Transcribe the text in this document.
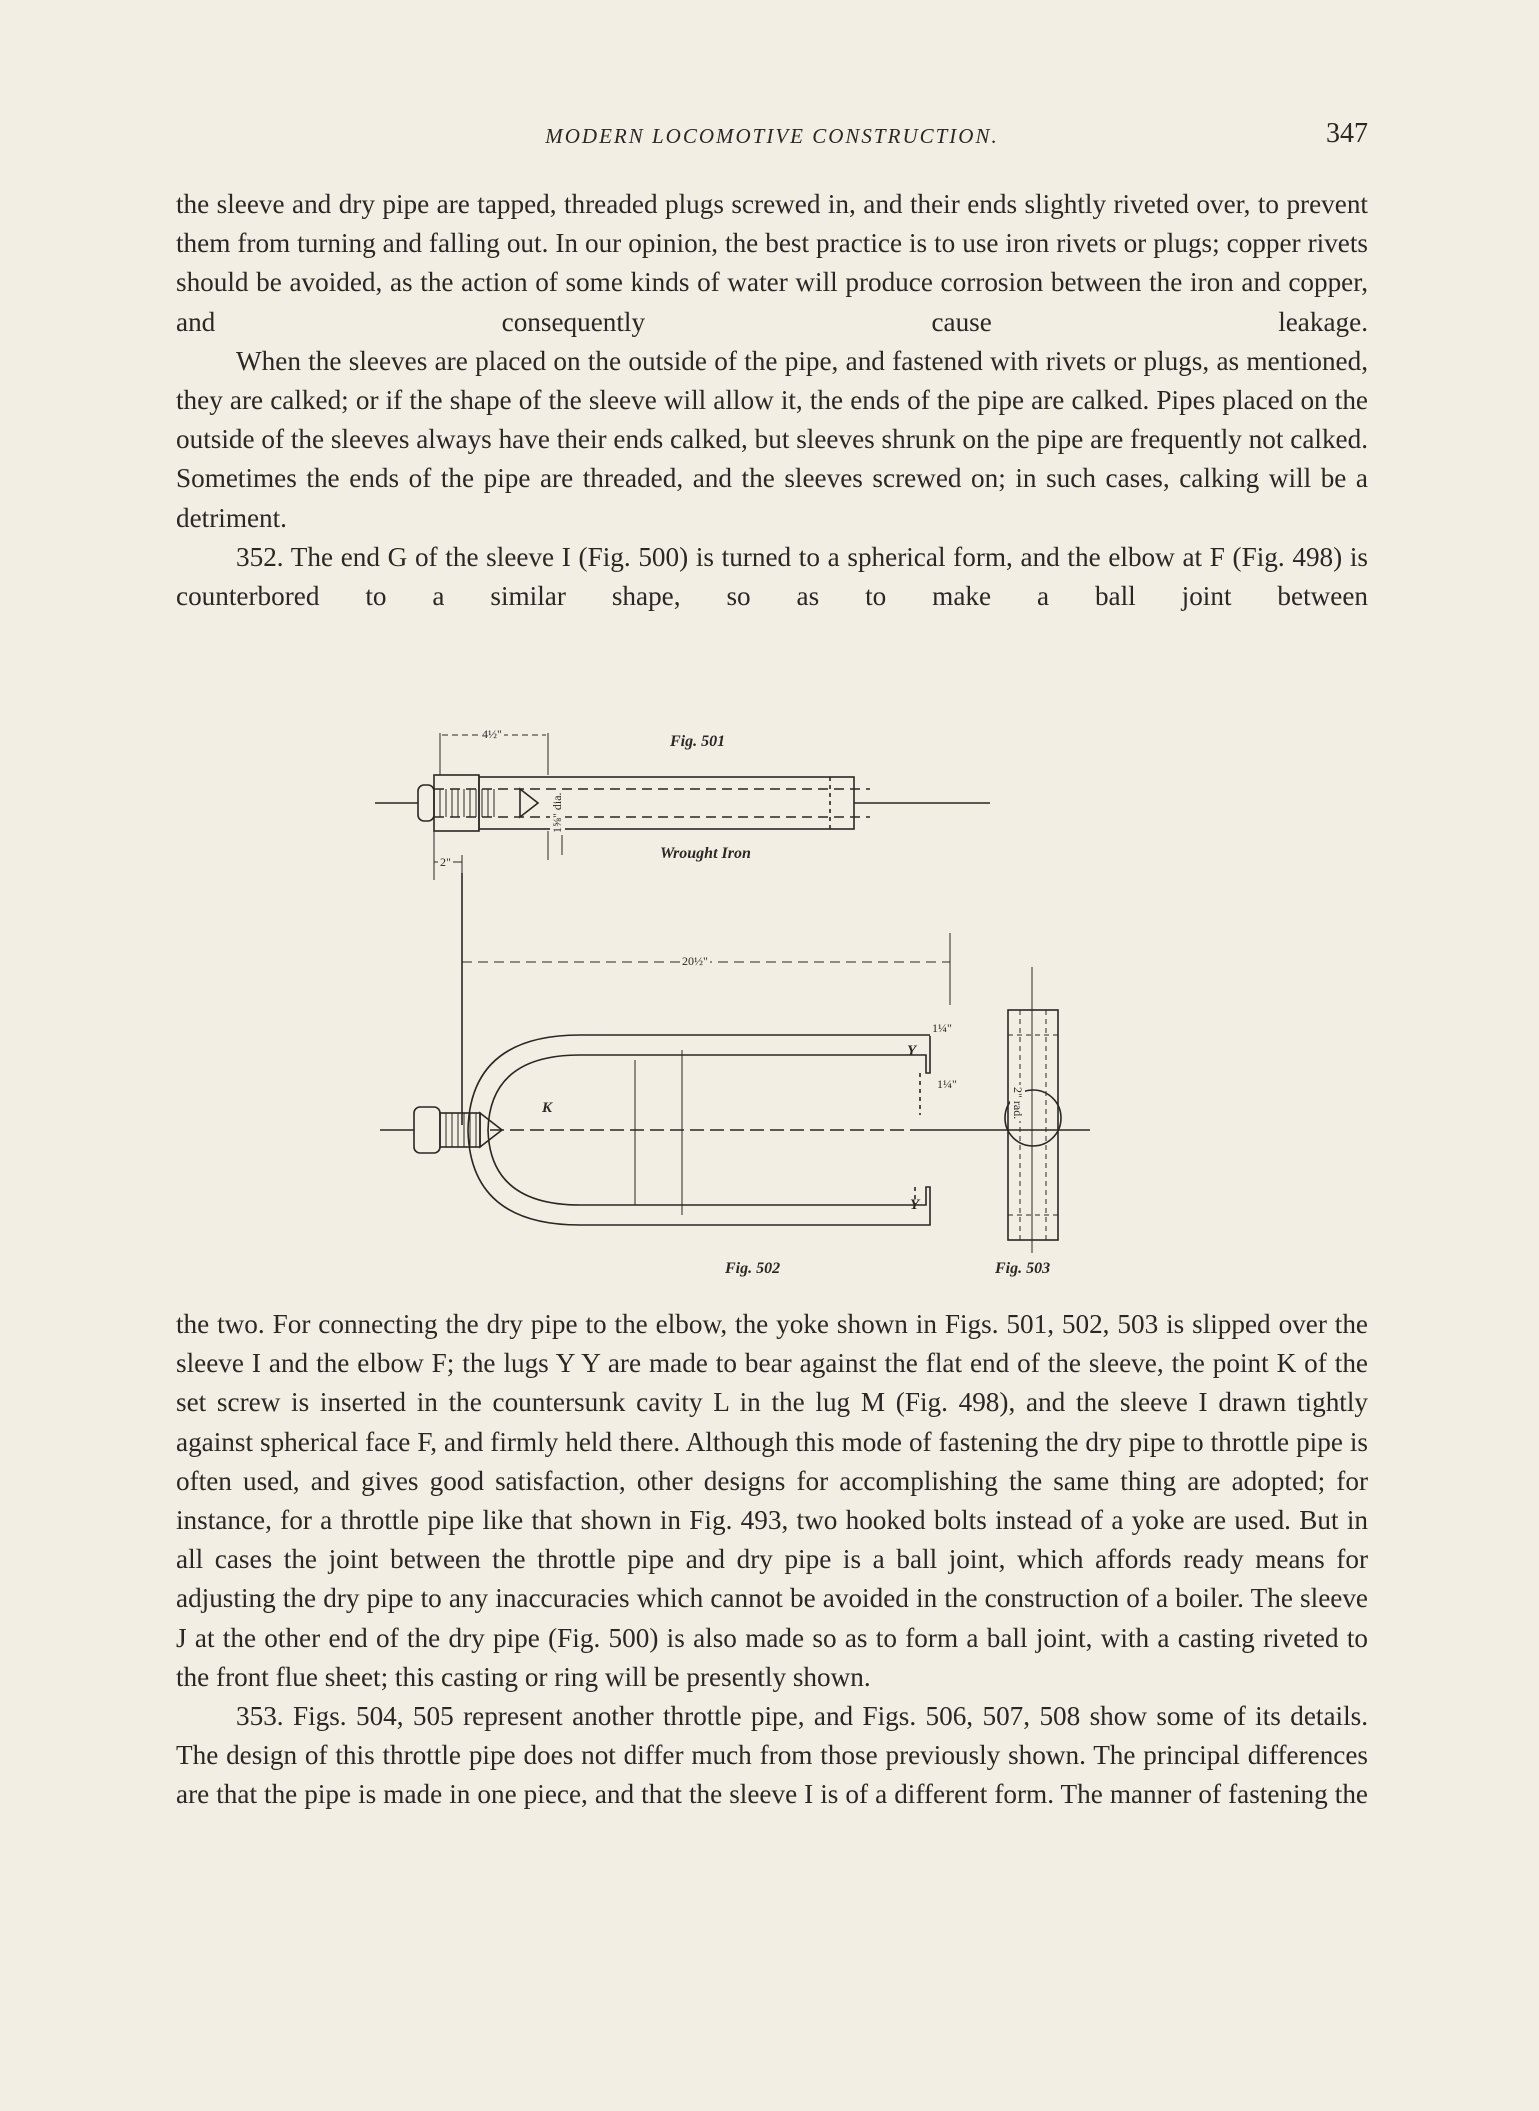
MODERN LOCOMOTIVE CONSTRUCTION.	347

the sleeve and dry pipe are tapped, threaded plugs screwed in, and their ends slightly riveted over, to prevent them from turning and falling out. In our opinion, the best practice is to use iron rivets or plugs; copper rivets should be avoided, as the action of some kinds of water will produce corrosion between the iron and copper, and consequently cause leakage.

When the sleeves are placed on the outside of the pipe, and fastened with rivets or plugs, as mentioned, they are calked; or if the shape of the sleeve will allow it, the ends of the pipe are calked. Pipes placed on the outside of the sleeves always have their ends calked, but sleeves shrunk on the pipe are frequently not calked. Sometimes the ends of the pipe are threaded, and the sleeves screwed on; in such cases, calking will be a detriment.

352. The end G of the sleeve I (Fig. 500) is turned to a spherical form, and the elbow at F (Fig. 498) is counterbored to a similar shape, so as to make a ball joint between

Fig. 501
Wrought Iron
Fig. 502	Fig. 503
4½"
1⅝" dia.
2"
20½"
1¼"
1¼"
2" rad.
K
Y
Y

the two. For connecting the dry pipe to the elbow, the yoke shown in Figs. 501, 502, 503 is slipped over the sleeve I and the elbow F; the lugs Y Y are made to bear against the flat end of the sleeve, the point K of the set screw is inserted in the countersunk cavity L in the lug M (Fig. 498), and the sleeve I drawn tightly against spherical face F, and firmly held there. Although this mode of fastening the dry pipe to throttle pipe is often used, and gives good satisfaction, other designs for accomplishing the same thing are adopted; for instance, for a throttle pipe like that shown in Fig. 493, two hooked bolts instead of a yoke are used. But in all cases the joint between the throttle pipe and dry pipe is a ball joint, which affords ready means for adjusting the dry pipe to any inaccuracies which cannot be avoided in the construction of a boiler. The sleeve J at the other end of the dry pipe (Fig. 500) is also made so as to form a ball joint, with a casting riveted to the front flue sheet; this casting or ring will be presently shown.

353. Figs. 504, 505 represent another throttle pipe, and Figs. 506, 507, 508 show some of its details. The design of this throttle pipe does not differ much from those previously shown. The principal differences are that the pipe is made in one piece, and that the sleeve I is of a different form. The manner of fastening the
